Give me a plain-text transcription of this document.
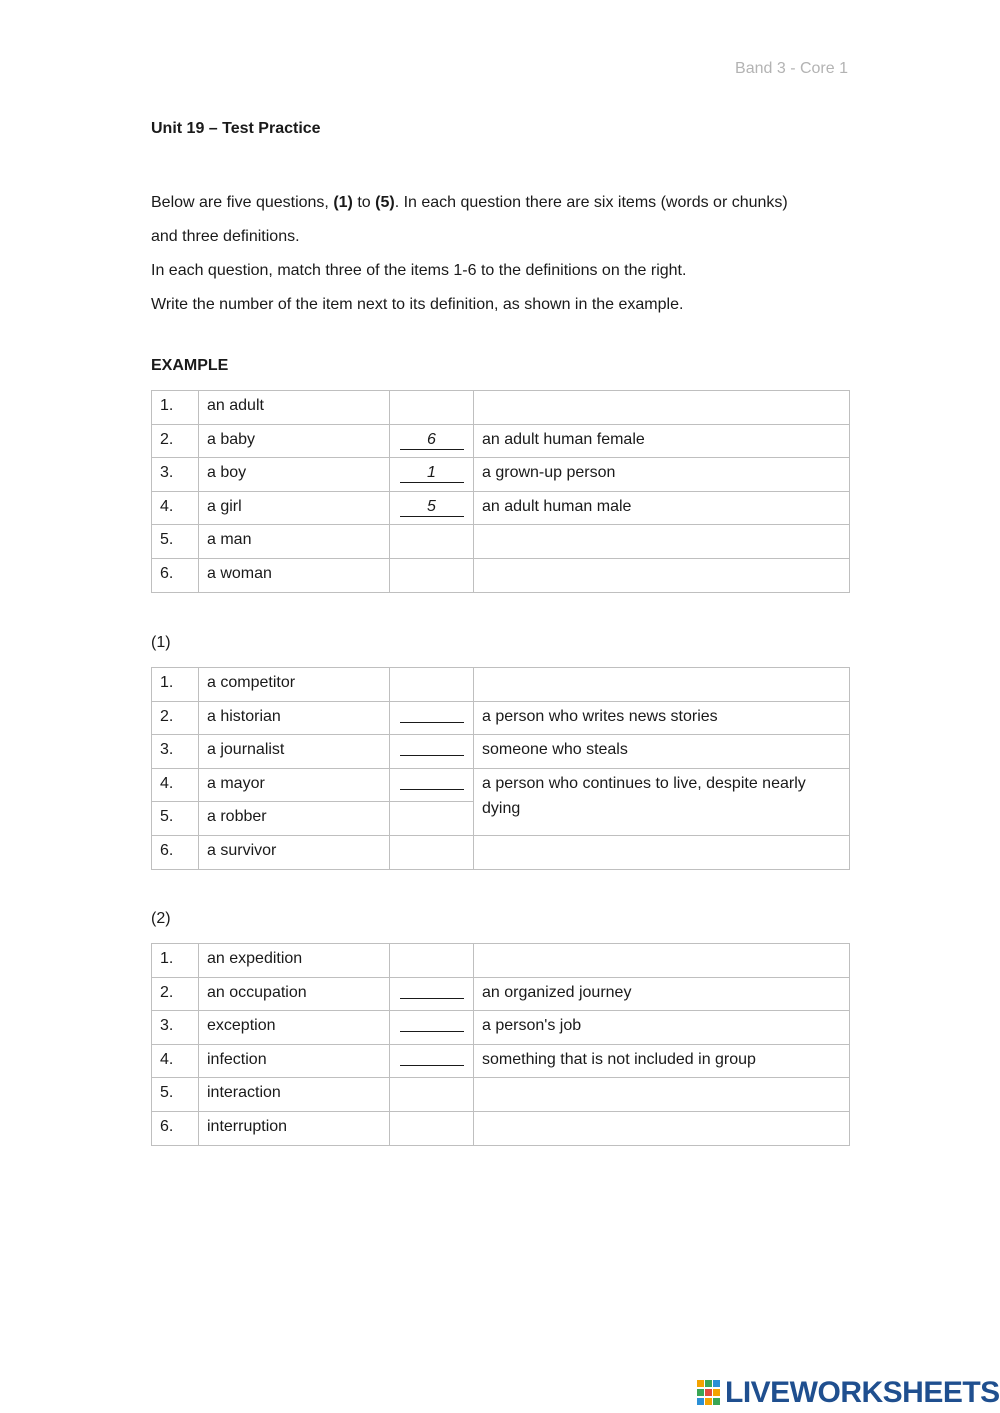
Band 3 - Core 1
Unit 19 – Test Practice

Below are five questions, (1) to (5). In each question there are six items (words or chunks)

and three definitions.

In each question, match three of the items 1-6 to the definitions on the right.

Write the number of the item next to its definition, as shown in the example.

EXAMPLE
1.	an adult		
2.	a baby	6	an adult human female
3.	a boy	1	a grown-up person
4.	a girl	5	an adult human male
5.	a man		
6.	a woman		
(1)
1.	a competitor		
2.	a historian		a person who writes news stories
3.	a journalist		someone who steals
4.	a mayor		a person who continues to live, despite nearly
dying
5.	a robber		
6.	a survivor		
(2)
1.	an expedition		
2.	an occupation		an organized journey
3.	exception		a person's job
4.	infection		something that is not included in group
5.	interaction		
6.	interruption		
LIVEWORKSHEETS
